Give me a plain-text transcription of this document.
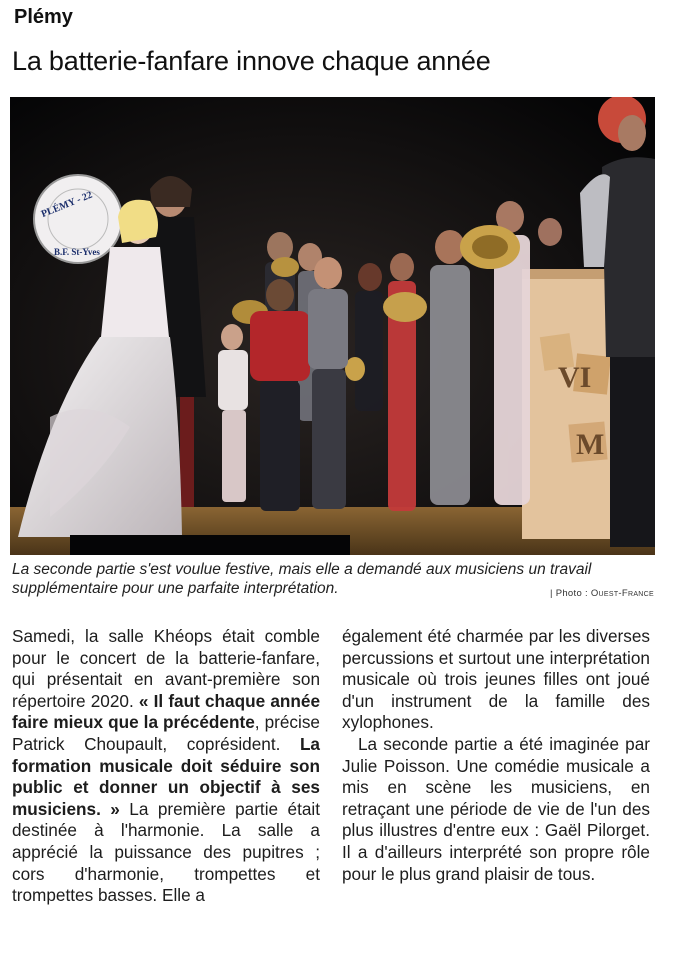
Plémy
La batterie-fanfare innove chaque année
VI
M
PLÉMY - 22
B.F. St-Yves
La seconde partie s'est voulue festive, mais elle a demandé aux musiciens un travail supplémentaire pour une parfaite interprétation.	| Photo : Ouest-France

Samedi, la salle Khéops était comble pour le concert de la batterie-fanfare, qui présentait en avant-première son répertoire 2020. « Il faut chaque année faire mieux que la précédente, précise Patrick Choupault, coprésident. La formation musicale doit séduire son public et donner un objectif à ses musiciens. » La première partie était destinée à l'harmonie. La salle a apprécié la puissance des pupitres ; cors d'harmonie, trompettes et trompettes basses. Elle a

également été charmée par les diverses percussions et surtout une interprétation musicale où trois jeunes filles ont joué d'un instrument de la famille des xylophones.

La seconde partie a été imaginée par Julie Poisson. Une comédie musicale a mis en scène les musiciens, en retraçant une période de vie de l'un des plus illustres d'entre eux : Gaël Pilorget. Il a d'ailleurs interprété son propre rôle pour le plus grand plaisir de tous.
